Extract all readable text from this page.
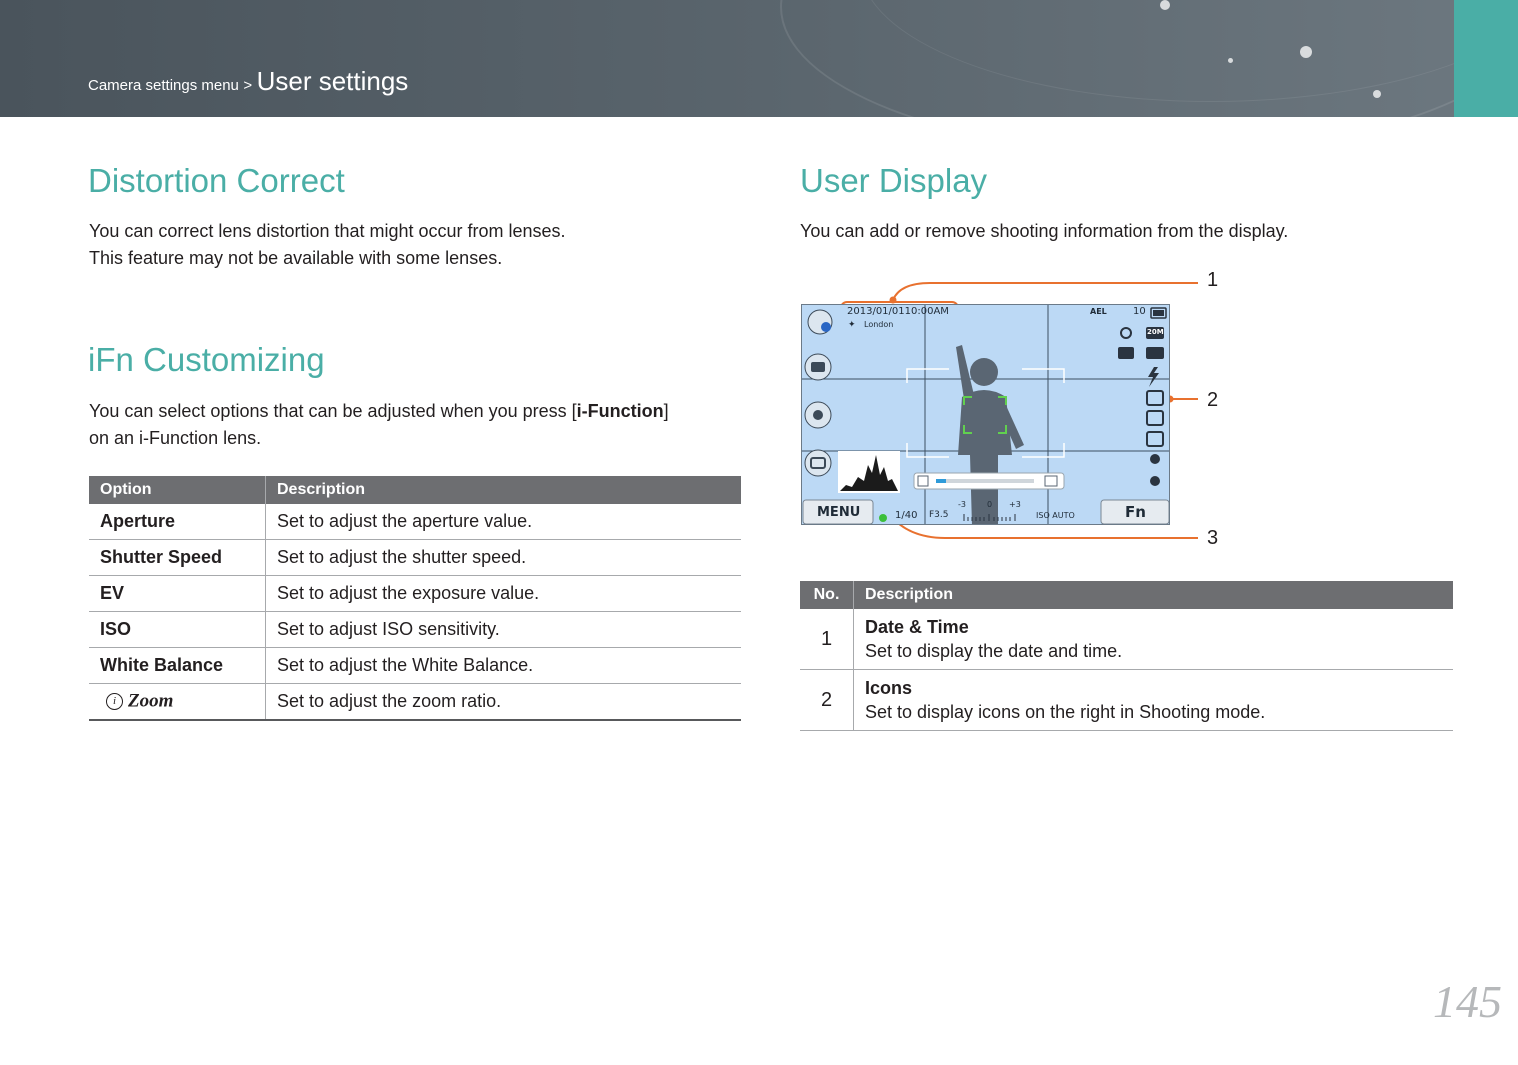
Camera settings menu > User settings
Distortion Correct

You can correct lens distortion that might occur from lenses.
This feature may not be available with some lenses.

iFn Customizing

You can select options that can be adjusted when you press [i-Function]
on an i-Function lens.

Option	Description
Aperture	Set to adjust the aperture value.
Shutter Speed	Set to adjust the shutter speed.
EV	Set to adjust the exposure value.
ISO	Set to adjust ISO sensitivity.
White Balance	Set to adjust the White Balance.
i Zoom	Set to adjust the zoom ratio.
User Display

You can add or remove shooting information from the display.

1
2
3
2013/01/0110:00AM
✦ London
AEL	10
20M
MENU	Fn
1/40 F3.5
-3	0 +3
ISO AUTO
No.	Description
1	Date & Time
Set to display the date and time.

2	Icons
Set to display icons on the right in Shooting mode.
145
